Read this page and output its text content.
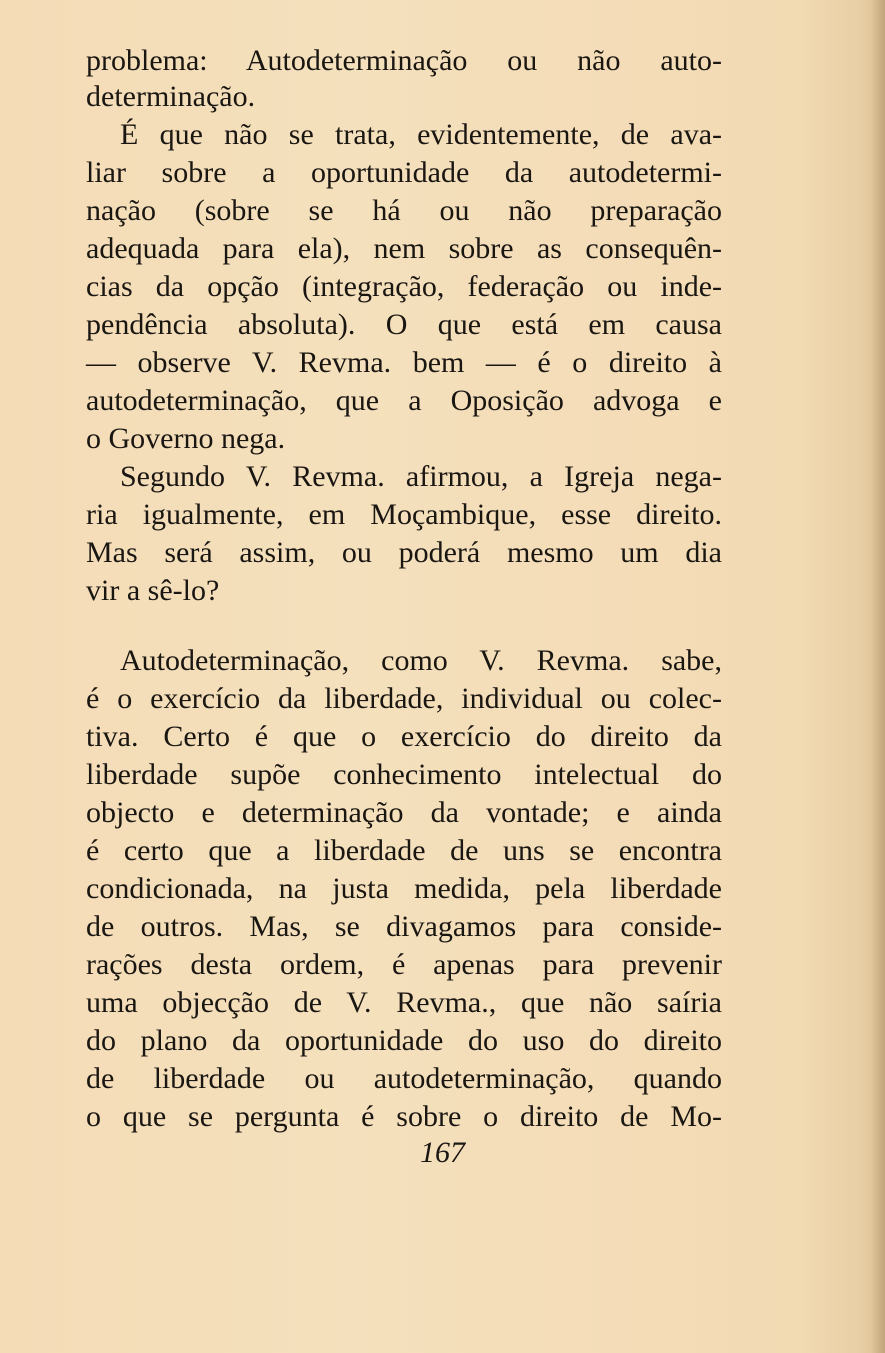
problema: Autodeterminação ou não auto-
determinação.
É que não se trata, evidentemente, de ava-
liar sobre a oportunidade da autodetermi-
nação (sobre se há ou não preparação
adequada para ela), nem sobre as consequên-
cias da opção (integração, federação ou inde-
pendência absoluta). O que está em causa
— observe V. Revma. bem — é o direito à
autodeterminação, que a Oposição advoga e
o Governo nega.
Segundo V. Revma. afirmou, a Igreja nega-
ria igualmente, em Moçambique, esse direito.
Mas será assim, ou poderá mesmo um dia
vir a sê-lo?
Autodeterminação, como V. Revma. sabe,
é o exercício da liberdade, individual ou colec-
tiva. Certo é que o exercício do direito da
liberdade supõe conhecimento intelectual do
objecto e determinação da vontade; e ainda
é certo que a liberdade de uns se encontra
condicionada, na justa medida, pela liberdade
de outros. Mas, se divagamos para conside-
rações desta ordem, é apenas para prevenir
uma objecção de V. Revma., que não saíria
do plano da oportunidade do uso do direito
de liberdade ou autodeterminação, quando
o que se pergunta é sobre o direito de Mo-
167
